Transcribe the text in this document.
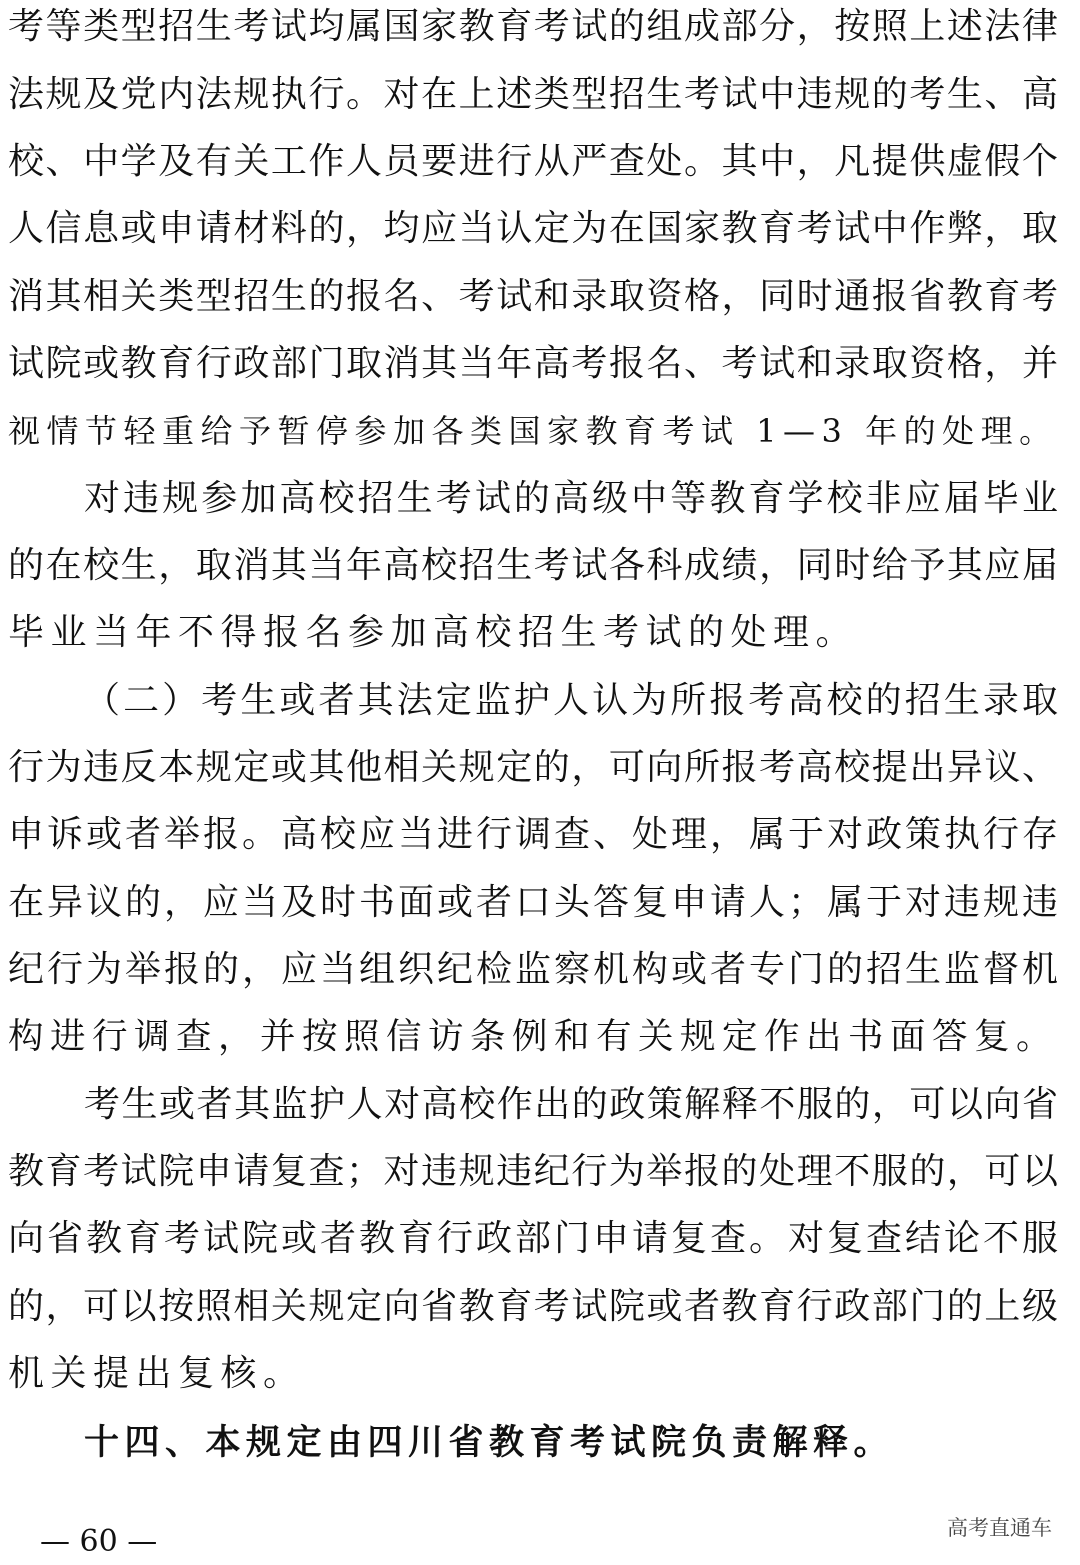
考等类型招生考试均属国家教育考试的组成部分，按照上述法律
法规及党内法规执行。对在上述类型招生考试中违规的考生、高
校、中学及有关工作人员要进行从严查处。其中，凡提供虚假个
人信息或申请材料的，均应当认定为在国家教育考试中作弊，取
消其相关类型招生的报名、考试和录取资格，同时通报省教育考
试院或教育行政部门取消其当年高考报名、考试和录取资格，并
视情节轻重给予暂停参加各类国家教育考试 1—3 年的处理。
对违规参加高校招生考试的高级中等教育学校非应届毕业
的在校生，取消其当年高校招生考试各科成绩，同时给予其应届
毕业当年不得报名参加高校招生考试的处理。
（二）考生或者其法定监护人认为所报考高校的招生录取
行为违反本规定或其他相关规定的，可向所报考高校提出异议、
申诉或者举报。高校应当进行调查、处理，属于对政策执行存
在异议的，应当及时书面或者口头答复申请人；属于对违规违
纪行为举报的，应当组织纪检监察机构或者专门的招生监督机
构进行调查，并按照信访条例和有关规定作出书面答复。
考生或者其监护人对高校作出的政策解释不服的，可以向省
教育考试院申请复查；对违规违纪行为举报的处理不服的，可以
向省教育考试院或者教育行政部门申请复查。对复查结论不服
的，可以按照相关规定向省教育考试院或者教育行政部门的上级
机关提出复核。
十四、本规定由四川省教育考试院负责解释。
— 60 —	高考直通车
